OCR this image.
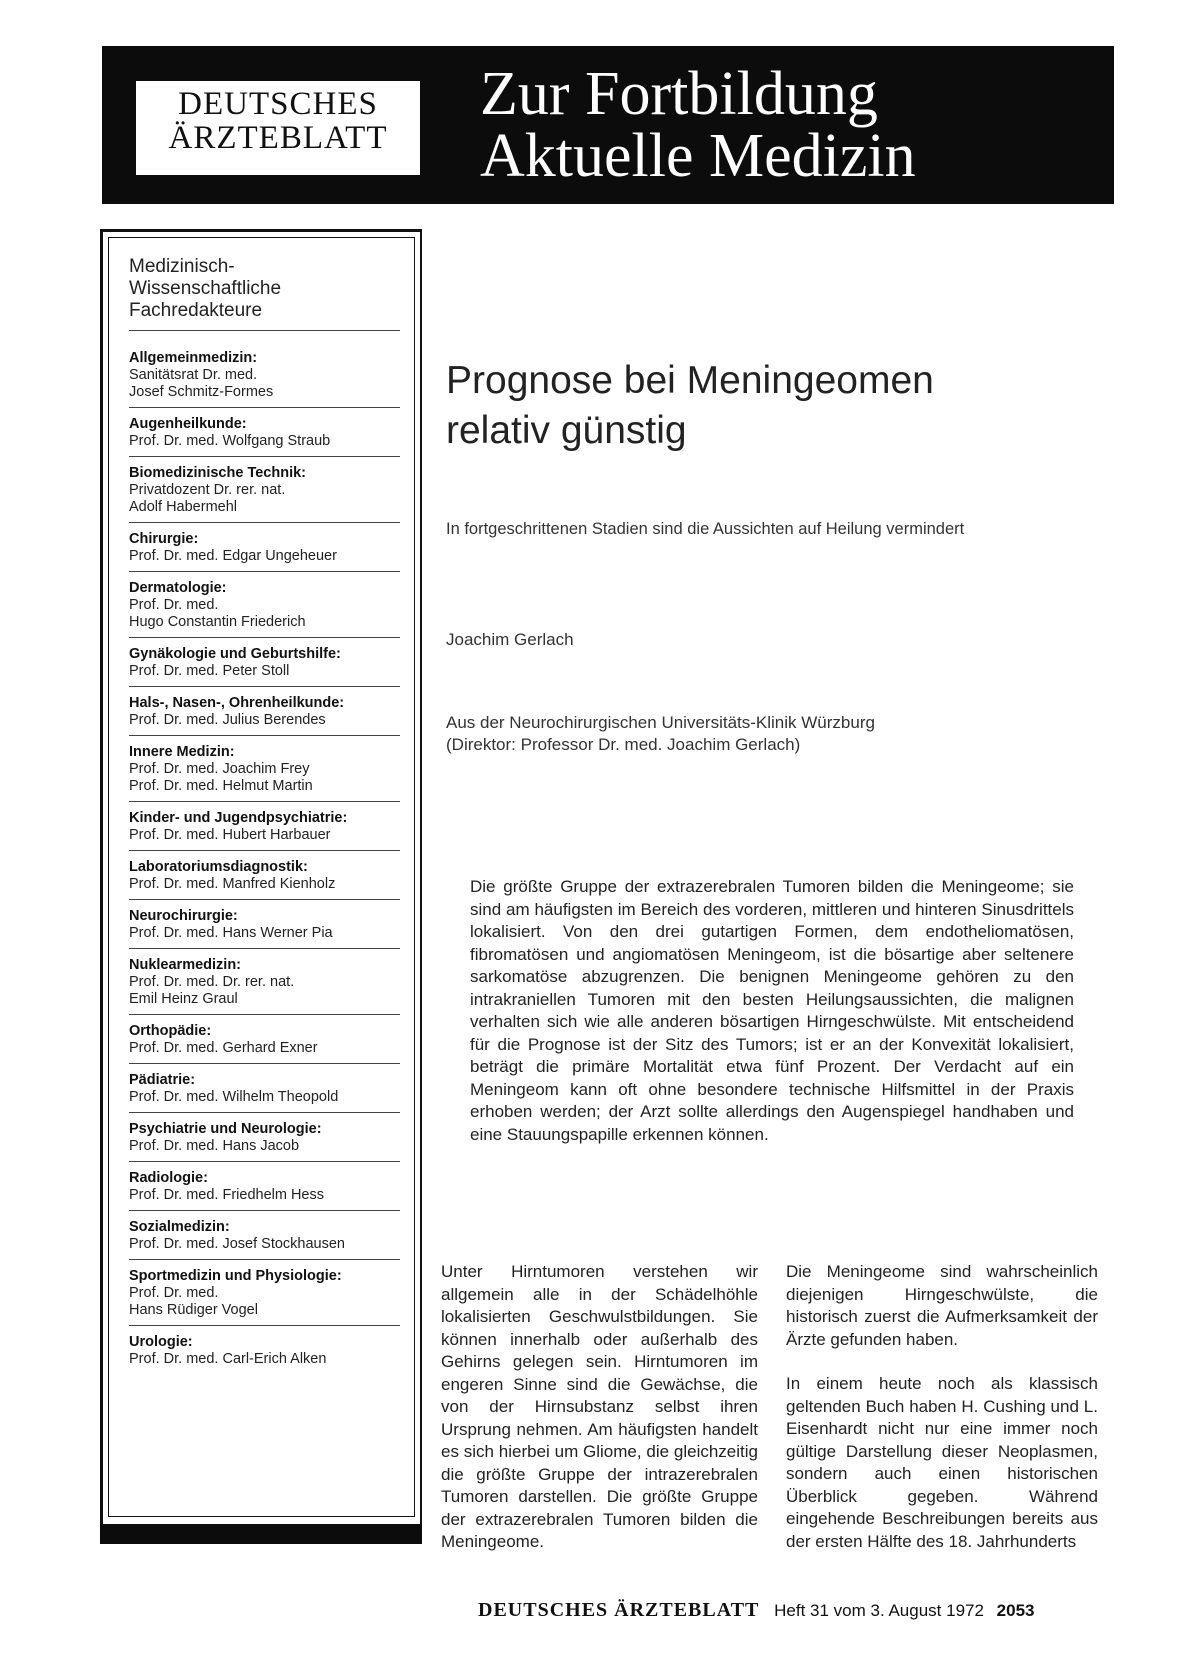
DEUTSCHES
ÄRZTEBLATT
Zur Fortbildung
Aktuelle Medizin
Medizinisch-
Wissenschaftliche
Fachredakteure
Allgemeinmedizin:
Sanitätsrat Dr. med.
Josef Schmitz-Formes
Augenheilkunde:
Prof. Dr. med. Wolfgang Straub
Biomedizinische Technik:
Privatdozent Dr. rer. nat.
Adolf Habermehl
Chirurgie:
Prof. Dr. med. Edgar Ungeheuer
Dermatologie:
Prof. Dr. med.
Hugo Constantin Friederich
Gynäkologie und Geburtshilfe:
Prof. Dr. med. Peter Stoll
Hals-, Nasen-, Ohrenheilkunde:
Prof. Dr. med. Julius Berendes
Innere Medizin:
Prof. Dr. med. Joachim Frey
Prof. Dr. med. Helmut Martin
Kinder- und Jugendpsychiatrie:
Prof. Dr. med. Hubert Harbauer
Laboratoriumsdiagnostik:
Prof. Dr. med. Manfred Kienholz
Neurochirurgie:
Prof. Dr. med. Hans Werner Pia
Nuklearmedizin:
Prof. Dr. med. Dr. rer. nat.
Emil Heinz Graul
Orthopädie:
Prof. Dr. med. Gerhard Exner
Pädiatrie:
Prof. Dr. med. Wilhelm Theopold
Psychiatrie und Neurologie:
Prof. Dr. med. Hans Jacob
Radiologie:
Prof. Dr. med. Friedhelm Hess
Sozialmedizin:
Prof. Dr. med. Josef Stockhausen
Sportmedizin und Physiologie:
Prof. Dr. med.
Hans Rüdiger Vogel
Urologie:
Prof. Dr. med. Carl-Erich Alken
Prognose bei Meningeomen
relativ günstig
In fortgeschrittenen Stadien sind die Aussichten auf Heilung vermindert
Joachim Gerlach
Aus der Neurochirurgischen Universitäts-Klinik Würzburg
(Direktor: Professor Dr. med. Joachim Gerlach)
Die größte Gruppe der extrazerebralen Tumoren bilden die Meningeome; sie sind am häufigsten im Bereich des vorderen, mittleren und hinteren Sinusdrittels lokalisiert. Von den drei gutartigen Formen, dem endotheliomatösen, fibromatösen und angiomatösen Meningeom, ist die bösartige aber seltenere sarkomatöse abzugrenzen. Die benignen Meningeome gehören zu den intrakraniellen Tumoren mit den besten Heilungsaussichten, die malignen verhalten sich wie alle anderen bösartigen Hirngeschwülste. Mit entscheidend für die Prognose ist der Sitz des Tumors; ist er an der Konvexität lokalisiert, beträgt die primäre Mortalität etwa fünf Prozent. Der Verdacht auf ein Meningeom kann oft ohne besondere technische Hilfsmittel in der Praxis erhoben werden; der Arzt sollte allerdings den Augenspiegel handhaben und eine Stauungspapille erkennen können.

Unter Hirntumoren verstehen wir allgemein alle in der Schädelhöhle lokalisierten Geschwulstbildungen. Sie können innerhalb oder außerhalb des Gehirns gelegen sein. Hirntumoren im engeren Sinne sind die Gewächse, die von der Hirnsubstanz selbst ihren Ursprung nehmen. Am häufigsten handelt es sich hierbei um Gliome, die gleichzeitig die größte Gruppe der intrazerebralen Tumoren darstellen. Die größte Gruppe der extrazerebralen Tumoren bilden die Meningeome.

Die Meningeome sind wahrscheinlich diejenigen Hirngeschwülste, die historisch zuerst die Aufmerksamkeit der Ärzte gefunden haben.

In einem heute noch als klassisch geltenden Buch haben H. Cushing und L. Eisenhardt nicht nur eine immer noch gültige Darstellung dieser Neoplasmen, sondern auch einen historischen Überblick gegeben. Während eingehende Beschreibungen bereits aus der ersten Hälfte des 18. Jahrhunderts

DEUTSCHES ÄRZTEBLATT Heft 31 vom 3. August 1972 2053
